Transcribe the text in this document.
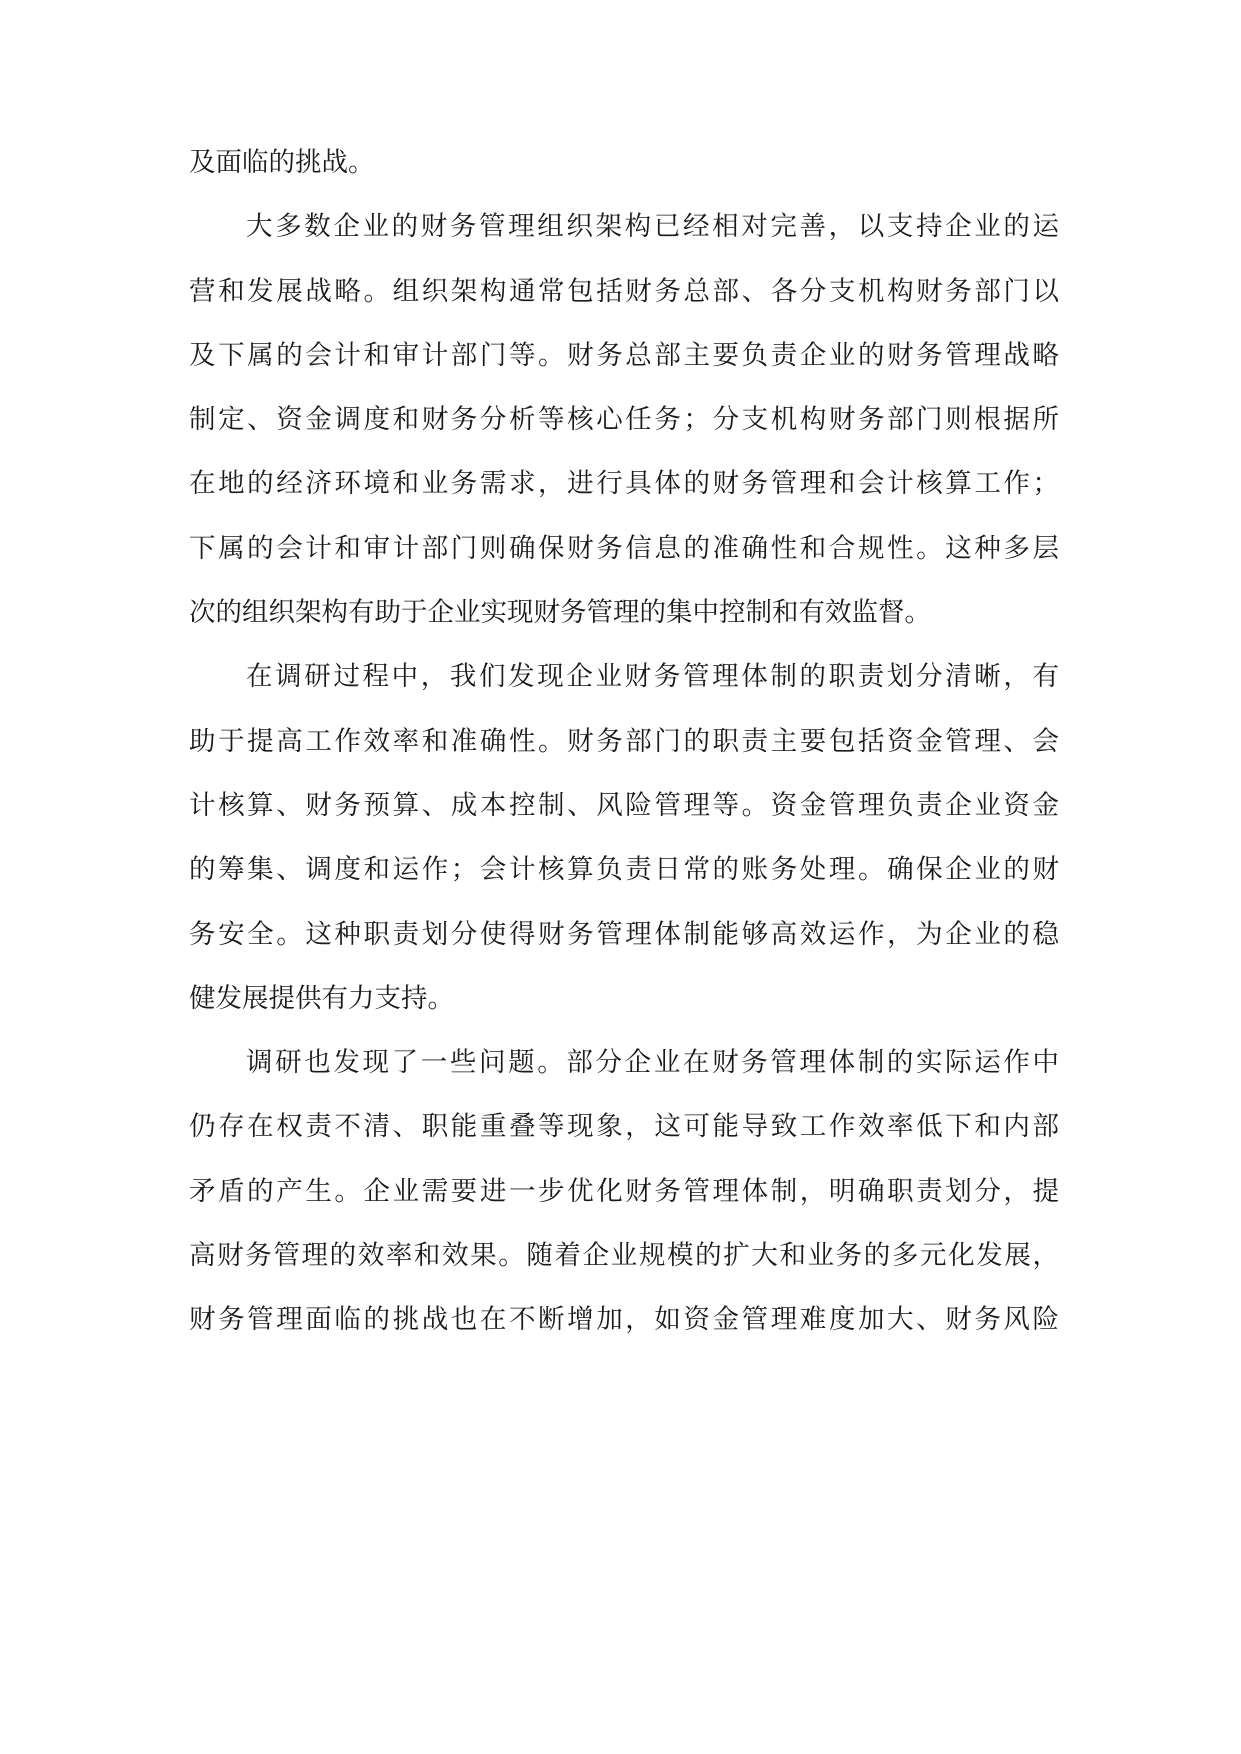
及面临的挑战。
大多数企业的财务管理组织架构已经相对完善，以支持企业的运
营和发展战略。组织架构通常包括财务总部、各分支机构财务部门以
及下属的会计和审计部门等。财务总部主要负责企业的财务管理战略
制定、资金调度和财务分析等核心任务；分支机构财务部门则根据所
在地的经济环境和业务需求，进行具体的财务管理和会计核算工作；
下属的会计和审计部门则确保财务信息的准确性和合规性。这种多层
次的组织架构有助于企业实现财务管理的集中控制和有效监督。
在调研过程中，我们发现企业财务管理体制的职责划分清晰，有
助于提高工作效率和准确性。财务部门的职责主要包括资金管理、会
计核算、财务预算、成本控制、风险管理等。资金管理负责企业资金
的筹集、调度和运作；会计核算负责日常的账务处理。确保企业的财
务安全。这种职责划分使得财务管理体制能够高效运作，为企业的稳
健发展提供有力支持。
调研也发现了一些问题。部分企业在财务管理体制的实际运作中
仍存在权责不清、职能重叠等现象，这可能导致工作效率低下和内部
矛盾的产生。企业需要进一步优化财务管理体制，明确职责划分，提
高财务管理的效率和效果。随着企业规模的扩大和业务的多元化发展，
财务管理面临的挑战也在不断增加，如资金管理难度加大、财务风险
